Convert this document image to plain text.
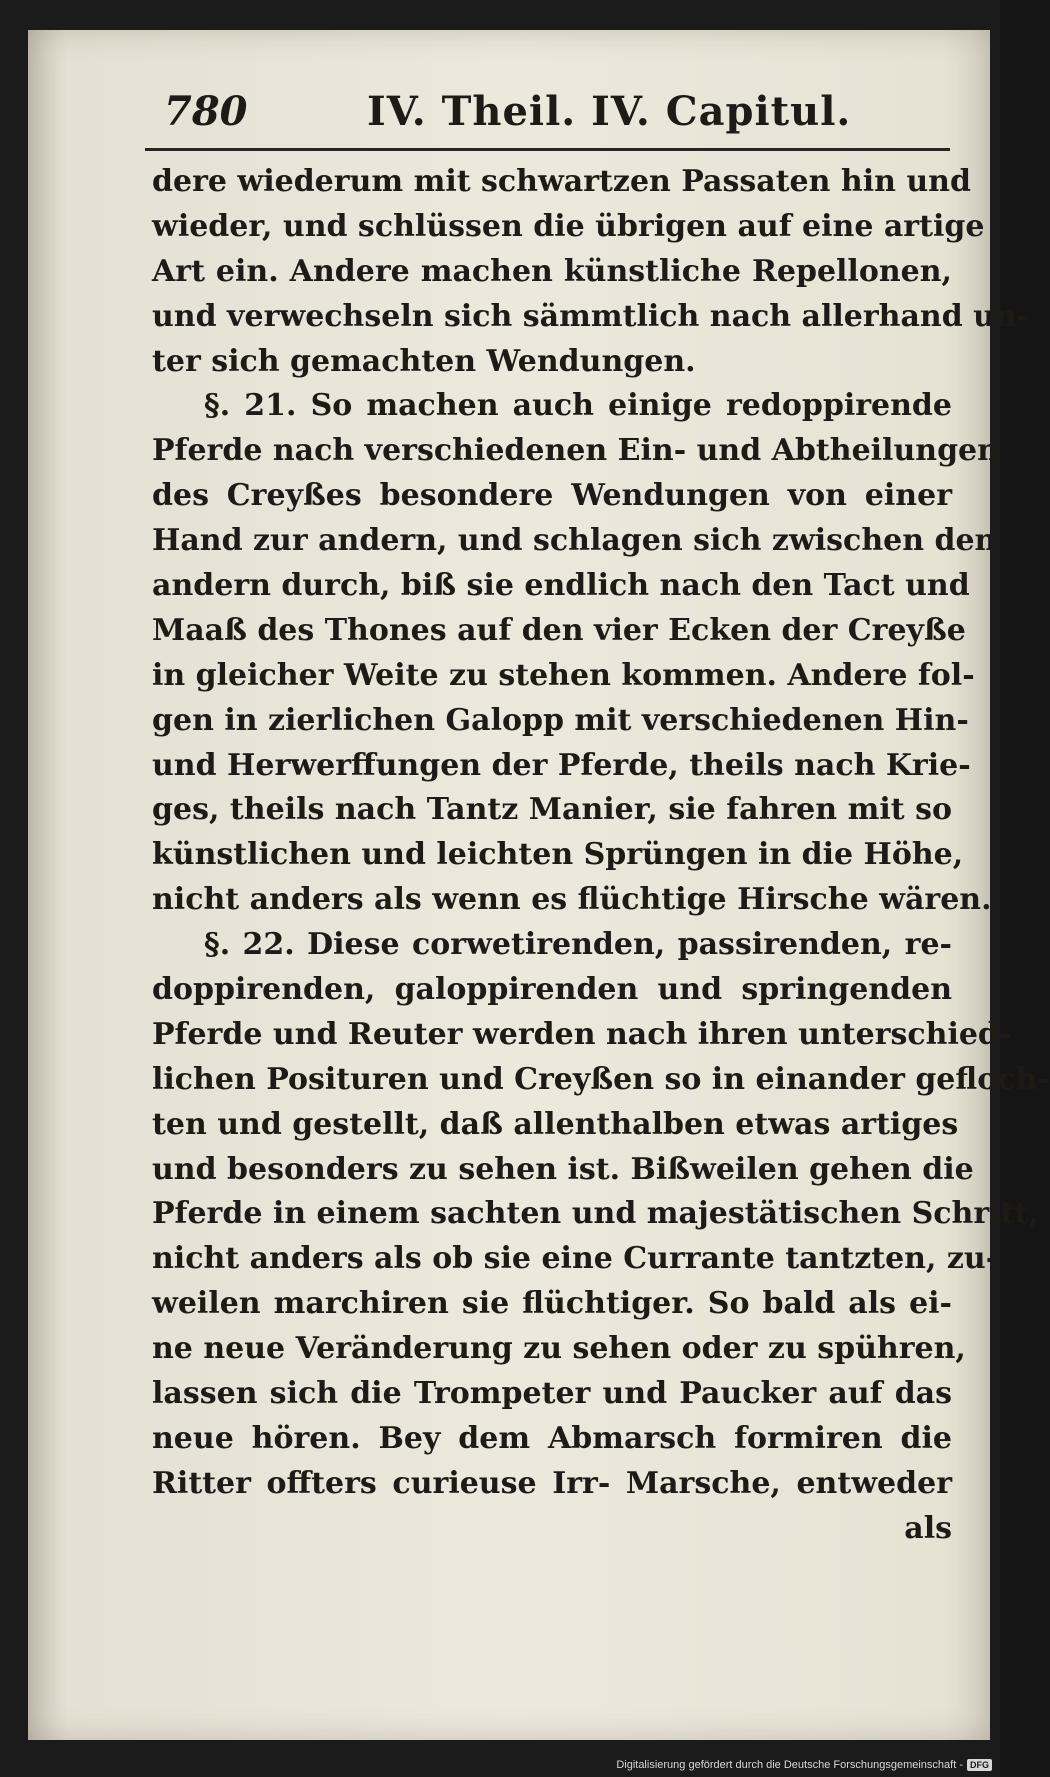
780	IV. Theil. IV. Capitul.
dere wiederum mit schwartzen Passaten hin und
wieder, und schlüssen die übrigen auf eine artige
Art ein. Andere machen künstliche Repellonen,
und verwechseln sich sämmtlich nach allerhand un-
ter sich gemachten Wendungen.
§. 21. So machen auch einige redoppirende
Pferde nach verschiedenen Ein- und Abtheilungen
des Creyßes besondere Wendungen von einer
Hand zur andern, und schlagen sich zwischen den
andern durch, biß sie endlich nach den Tact und
Maaß des Thones auf den vier Ecken der Creyße
in gleicher Weite zu stehen kommen. Andere fol-
gen in zierlichen Galopp mit verschiedenen Hin-
und Herwerffungen der Pferde, theils nach Krie-
ges, theils nach Tantz Manier, sie fahren mit so
künstlichen und leichten Sprüngen in die Höhe,
nicht anders als wenn es flüchtige Hirsche wären.
§. 22. Diese corwetirenden, passirenden, re-
doppirenden, galoppirenden und springenden
Pferde und Reuter werden nach ihren unterschied-
lichen Posituren und Creyßen so in einander gefloch-
ten und gestellt, daß allenthalben etwas artiges
und besonders zu sehen ist. Bißweilen gehen die
Pferde in einem sachten und majestätischen Schritt,
nicht anders als ob sie eine Currante tantzten, zu-
weilen marchiren sie flüchtiger. So bald als ei-
ne neue Veränderung zu sehen oder zu spühren,
lassen sich die Trompeter und Paucker auf das
neue hören. Bey dem Abmarsch formiren die
Ritter offters curieuse Irr- Marsche, entweder
als
Digitalisierung gefördert durch die Deutsche Forschungsgemeinschaft - DFG
